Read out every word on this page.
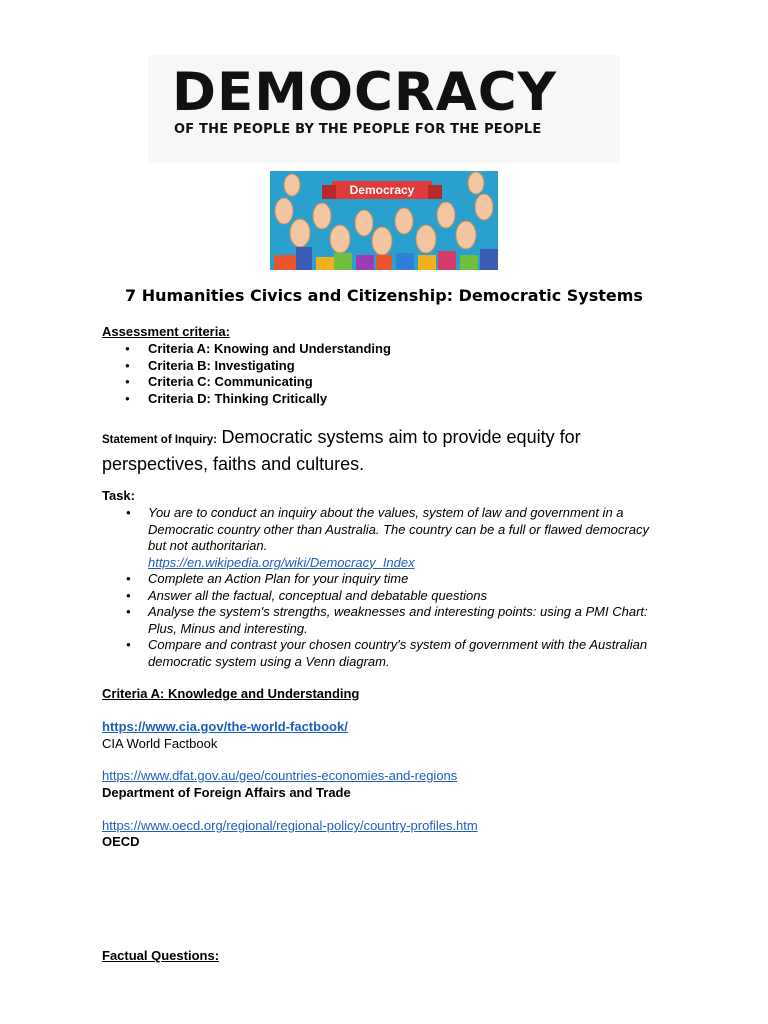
DEMOCRACY
OF THE PEOPLE BY THE PEOPLE FOR THE PEOPLE
Democracy
7 Humanities Civics and Citizenship: Democratic Systems
Assessment criteria:
● Criteria A: Knowing and Understanding
● Criteria B: Investigating
● Criteria C: Communicating
● Criteria D: Thinking Critically
Statement of Inquiry: Democratic systems aim to provide equity for
perspectives, faiths and cultures.
Task:
• You are to conduct an inquiry about the values, system of law and government in a
Democratic country other than Australia. The country can be a full or flawed democracy
but not authoritarian.
https://en.wikipedia.org/wiki/Democracy_Index
• Complete an Action Plan for your inquiry time
• Answer all the factual, conceptual and debatable questions
• Analyse the system's strengths, weaknesses and interesting points: using a PMI Chart:
Plus, Minus and interesting.
• Compare and contrast your chosen country's system of government with the Australian
democratic system using a Venn diagram.
Criteria A: Knowledge and Understanding
https://www.cia.gov/the-world-factbook/
CIA World Factbook
https://www.dfat.gov.au/geo/countries-economies-and-regions
Department of Foreign Affairs and Trade
https://www.oecd.org/regional/regional-policy/country-profiles.htm
OECD
Factual Questions:
